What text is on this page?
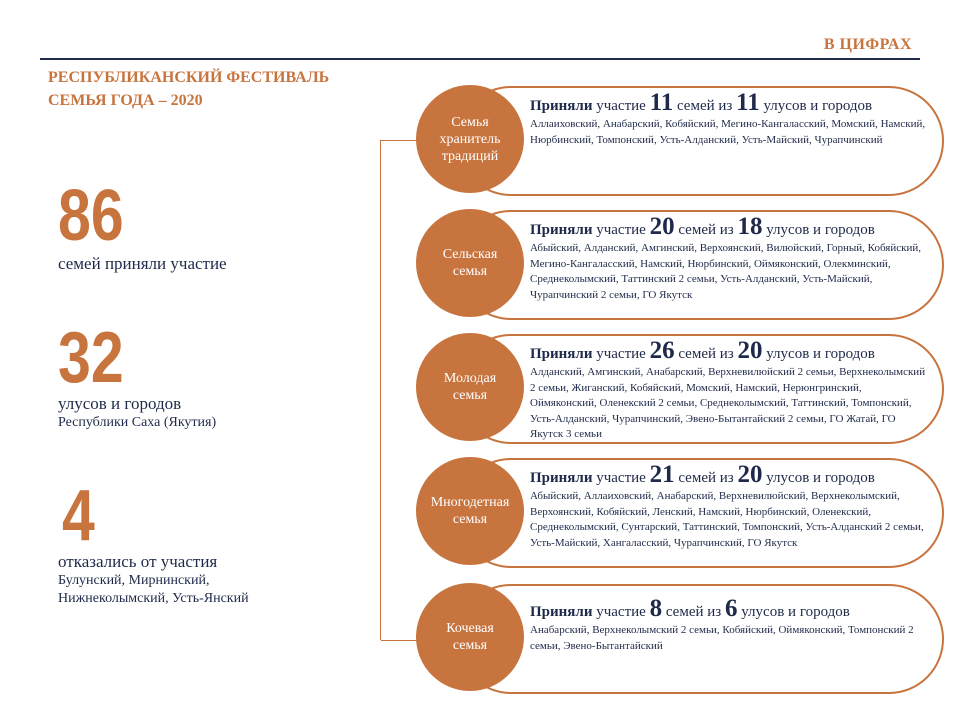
В ЦИФРАХ
РЕСПУБЛИКАНСКИЙ ФЕСТИВАЛЬ
СЕМЬЯ ГОДА – 2020
86
семей приняли участие
32
улусов и городов
Республики Саха (Якутия)
4
отказались от участия
Булунский, Мирнинский, Нижнеколымский, Усть-Янский
Семья хранитель традиций
Приняли участие 11 семей из 11 улусов и городов
Аллаиховский, Анабарский, Кобяйский, Мегино-Кангаласский, Момский, Намский, Нюрбинский, Томпонский, Усть-Алданский, Усть-Майский, Чурапчинский
Сельская семья
Приняли участие 20 семей из 18 улусов и городов
Абыйский, Алданский, Амгинский, Верхоянский, Вилюйский, Горный, Кобяйский, Мегино-Кангаласский, Намский, Нюрбинский, Оймяконский, Олекминский, Среднеколымский, Таттинский 2 семьи, Усть-Алданский, Усть-Майский, Чурапчинский 2 семьи, ГО Якутск
Молодая семья
Приняли участие 26 семей из 20 улусов и городов
Алданский, Амгинский, Анабарский, Верхневилюйский 2 семьи, Верхнеколымский 2 семьи, Жиганский, Кобяйский, Момский, Намский, Нерюнгринский, Оймяконский, Оленекский 2 семьи, Среднеколымский, Таттинский, Томпонский, Усть-Алданский, Чурапчинский, Эвено-Бытантайский 2 семьи, ГО Жатай, ГО Якутск 3 семьи
Многодетная семья
Приняли участие 21 семей из 20 улусов и городов
Абыйский, Аллаиховский, Анабарский, Верхневилюйский, Верхнеколымский, Верхоянский, Кобяйский, Ленский, Намский, Нюрбинский, Оленекский, Среднеколымский, Сунтарский, Таттинский, Томпонский, Усть-Алданский 2 семьи, Усть-Майский, Хангаласский, Чурапчинский, ГО Якутск
Кочевая семья
Приняли участие 8 семей из 6 улусов и городов
Анабарский, Верхнеколымский 2 семьи, Кобяйский, Оймяконский, Томпонский 2 семьи, Эвено-Бытантайский
